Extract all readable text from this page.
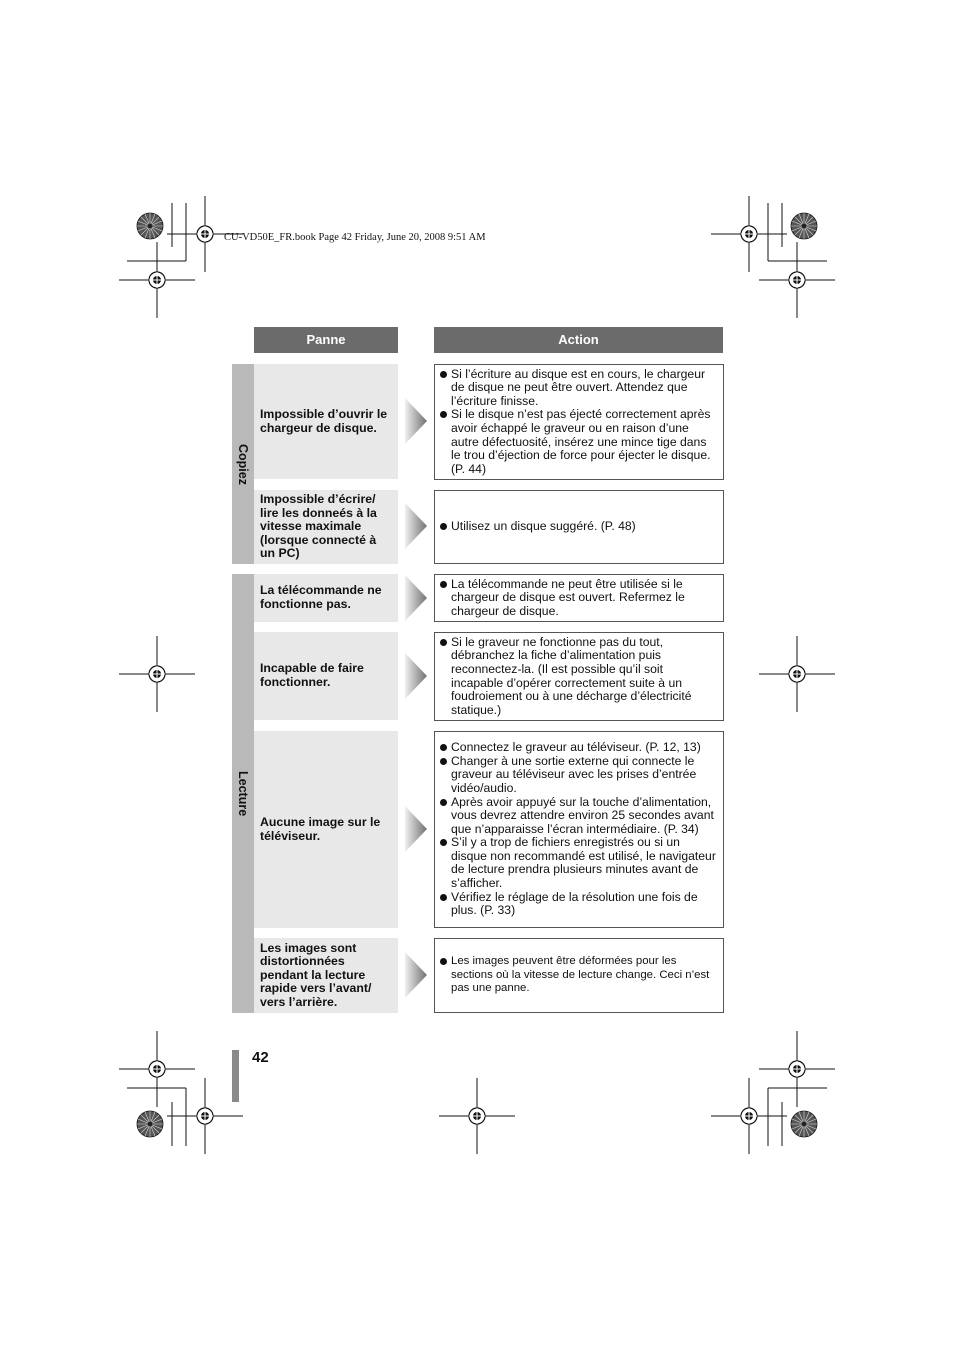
CU-VD50E_FR.book Page 42 Friday, June 20, 2008 9:51 AM
Panne	Action
Copiez
Lecture
Impossible d’ouvrir le chargeur de disque.
Si l’écriture au disque est en cours, le chargeur de disque ne peut être ouvert. Attendez que l’écriture finisse.
Si le disque n’est pas éjecté correctement après avoir échappé le graveur ou en raison d’une autre défectuosité, insérez une mince tige dans le trou d’éjection de force pour éjecter le disque. (P. 44)
Impossible d’écrire/ lire les donneés à la vitesse maximale (lorsque connecté à un PC)
Utilisez un disque suggéré. (P. 48)
La télécommande ne fonctionne pas.
La télécommande ne peut être utilisée si le chargeur de disque est ouvert. Refermez le chargeur de disque.
Incapable de faire fonctionner.
Si le graveur ne fonctionne pas du tout, débranchez la fiche d’alimentation puis reconnectez-la. (Il est possible qu’il soit incapable d’opérer correctement suite à un foudroiement ou à une décharge d’électricité statique.)
Aucune image sur le téléviseur.
Connectez le graveur au téléviseur. (P. 12, 13)
Changer à une sortie externe qui connecte le graveur au téléviseur avec les prises d’entrée vidéo/audio.
Après avoir appuyé sur la touche d’alimentation, vous devrez attendre environ 25 secondes avant que n’apparaisse l’écran intermédiaire. (P. 34)
S’il y a trop de fichiers enregistrés ou si un disque non recommandé est utilisé, le navigateur de lecture prendra plusieurs minutes avant de s’afficher.
Vérifiez le réglage de la résolution une fois de plus. (P. 33)
Les images sont distortionnées pendant la lecture rapide vers l’avant/ vers l’arrière.
Les images peuvent être déformées pour les sections où la vitesse de lecture change. Ceci n’est pas une panne.
42
